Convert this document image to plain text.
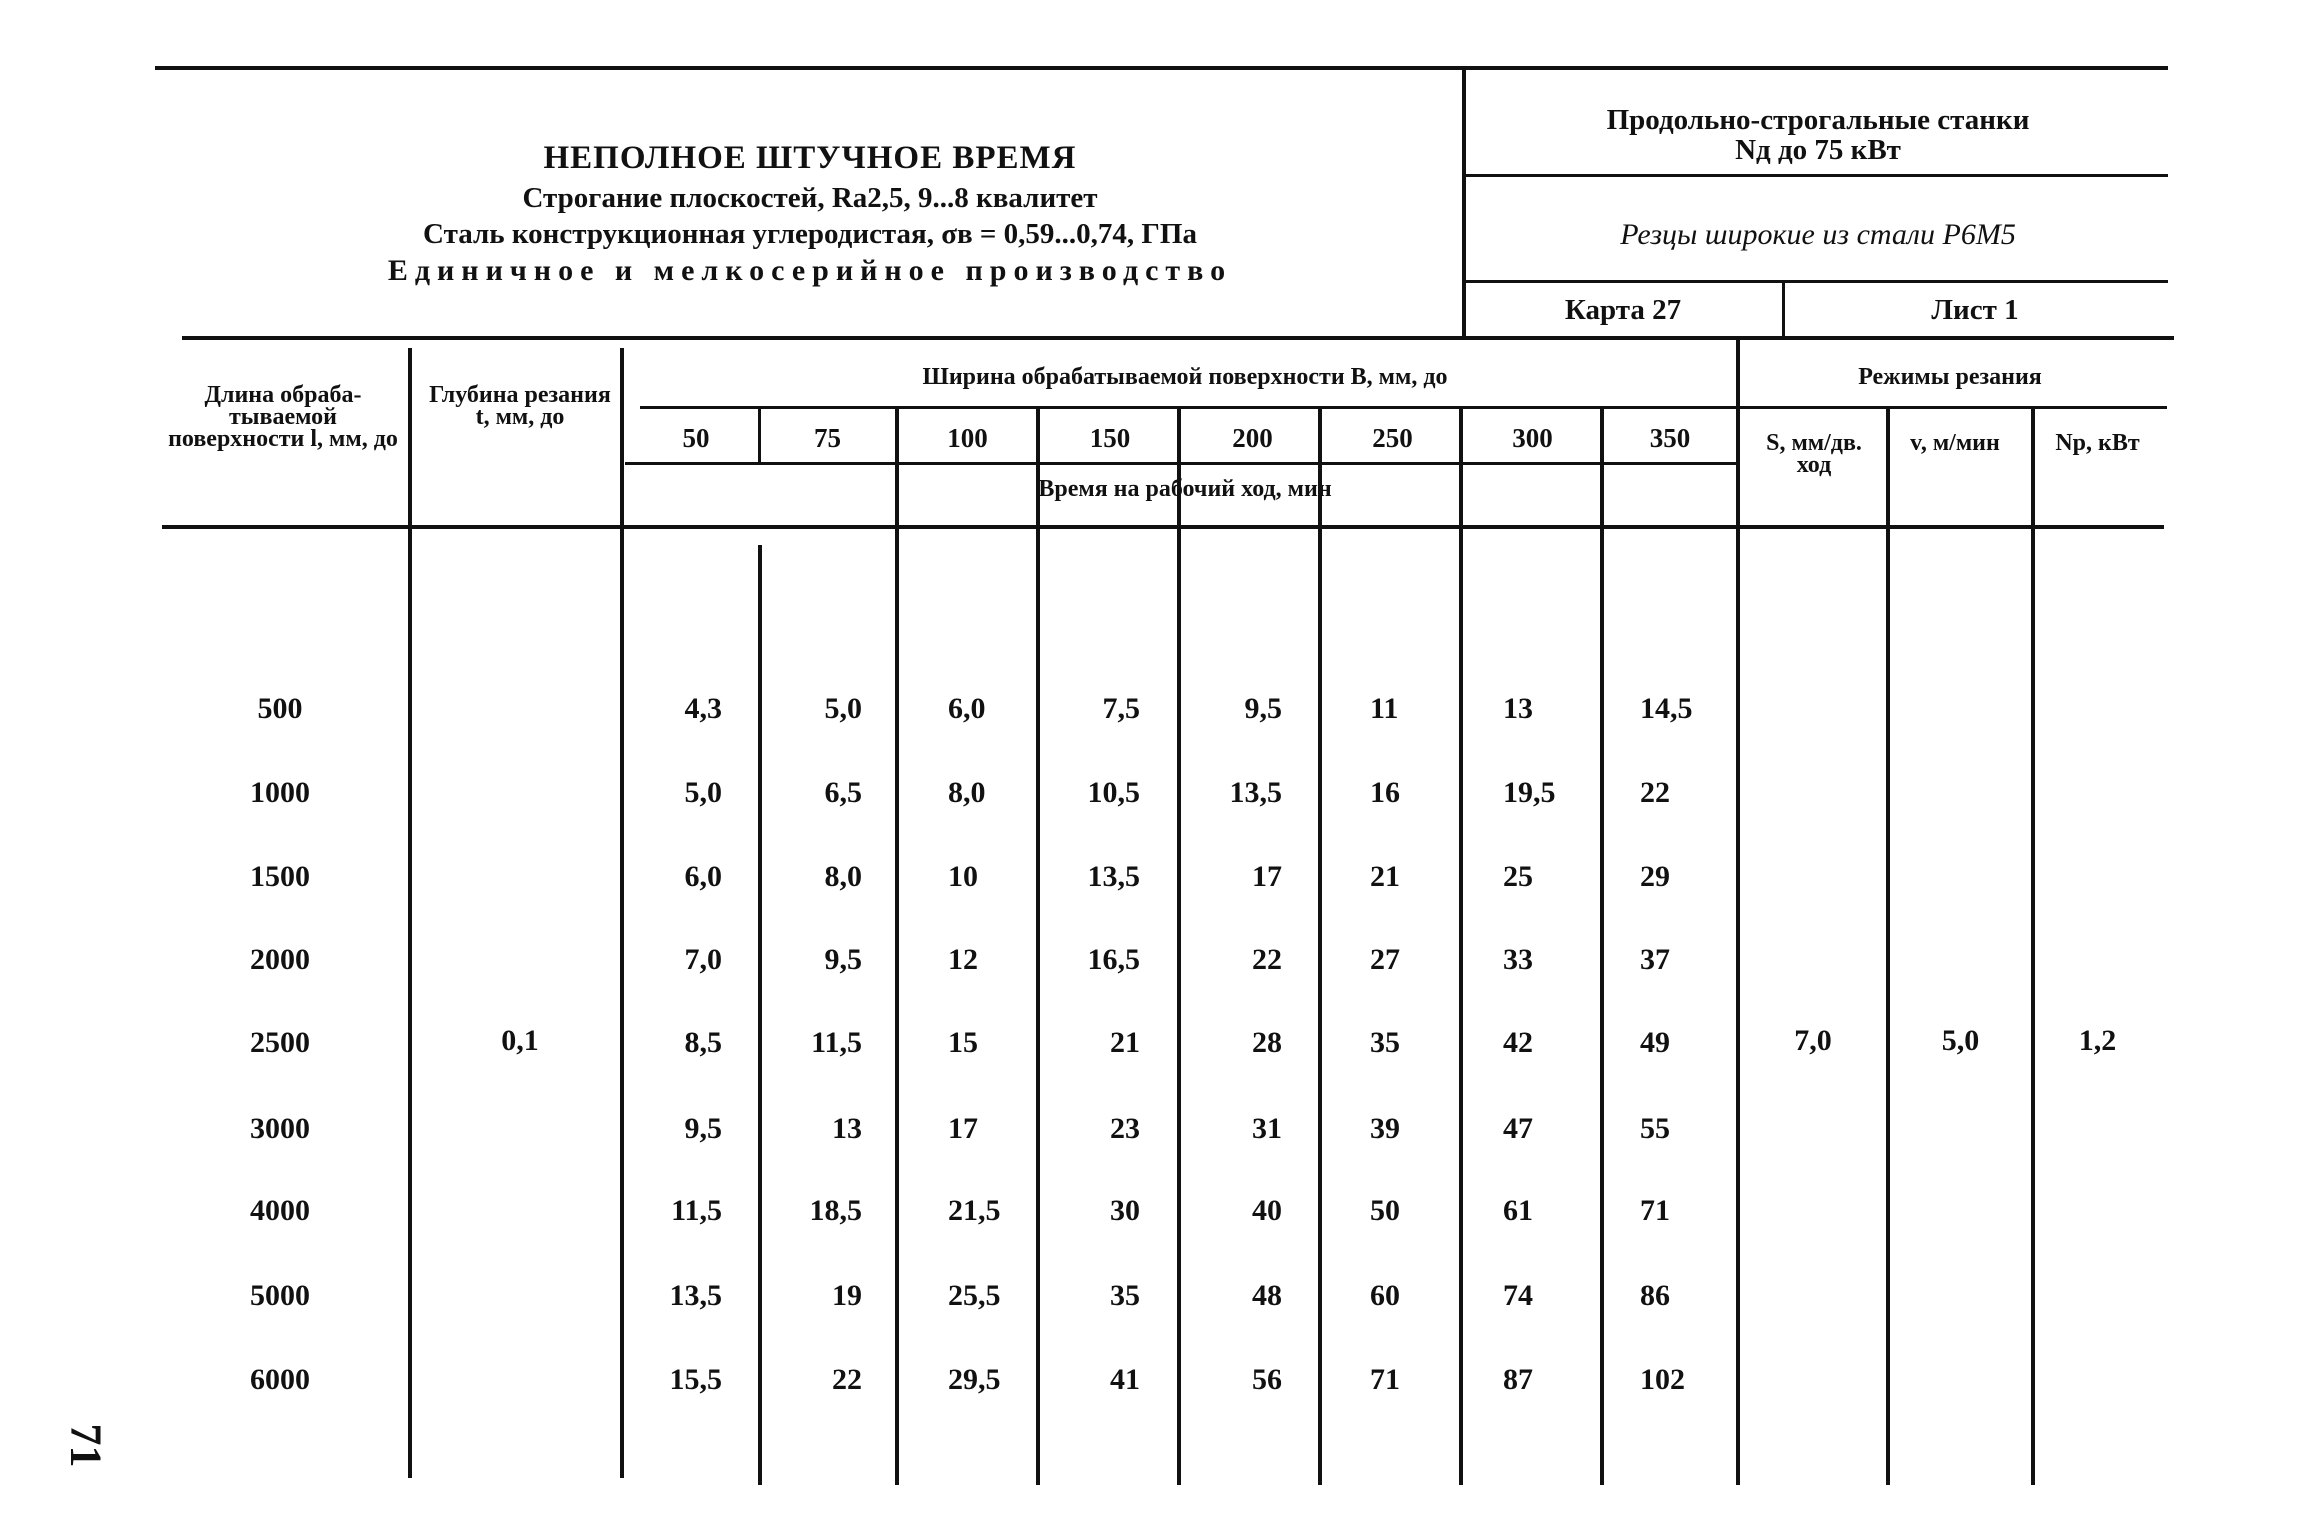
НЕПОЛНОЕ ШТУЧНОЕ ВРЕМЯ
Строгание плоскостей, Ra2,5, 9...8 квалитет
Сталь конструкционная углеродистая, σв = 0,59...0,74, ГПа
Единичное и мелкосерийное производство
Продольно-строгальные станки
Nд до 75 кВт
Резцы широкие из стали Р6М5
Карта 27	Лист 1
Длина обраба-тываемой поверхности l, мм, до
Глубина резания t, мм, до
Ширина обрабатываемой поверхности В, мм, до
Время на рабочий ход, мин
Режимы резания
S, мм/дв. ход
v, м/мин	Nр, кВт
50	75	100	150	200	250	300	350
500	4,3	5,0	6,0	7,5	9,5	11	13	14,5
1000	5,0	6,5	8,0	10,5	13,5	16	19,5	22
1500	6,0	8,0	10	13,5	17	21	25	29
2000	7,0	9,5	12	16,5	22	27	33	37
2500	8,5	11,5	15	21	28	35	42	49
3000	9,5	13	17	23	31	39	47	55
4000	11,5	18,5	21,5	30	40	50	61	71
5000	13,5	19	25,5	35	48	60	74	86
6000	15,5	22	29,5	41	56	71	87	102
0,1	7,0	5,0	1,2
71
